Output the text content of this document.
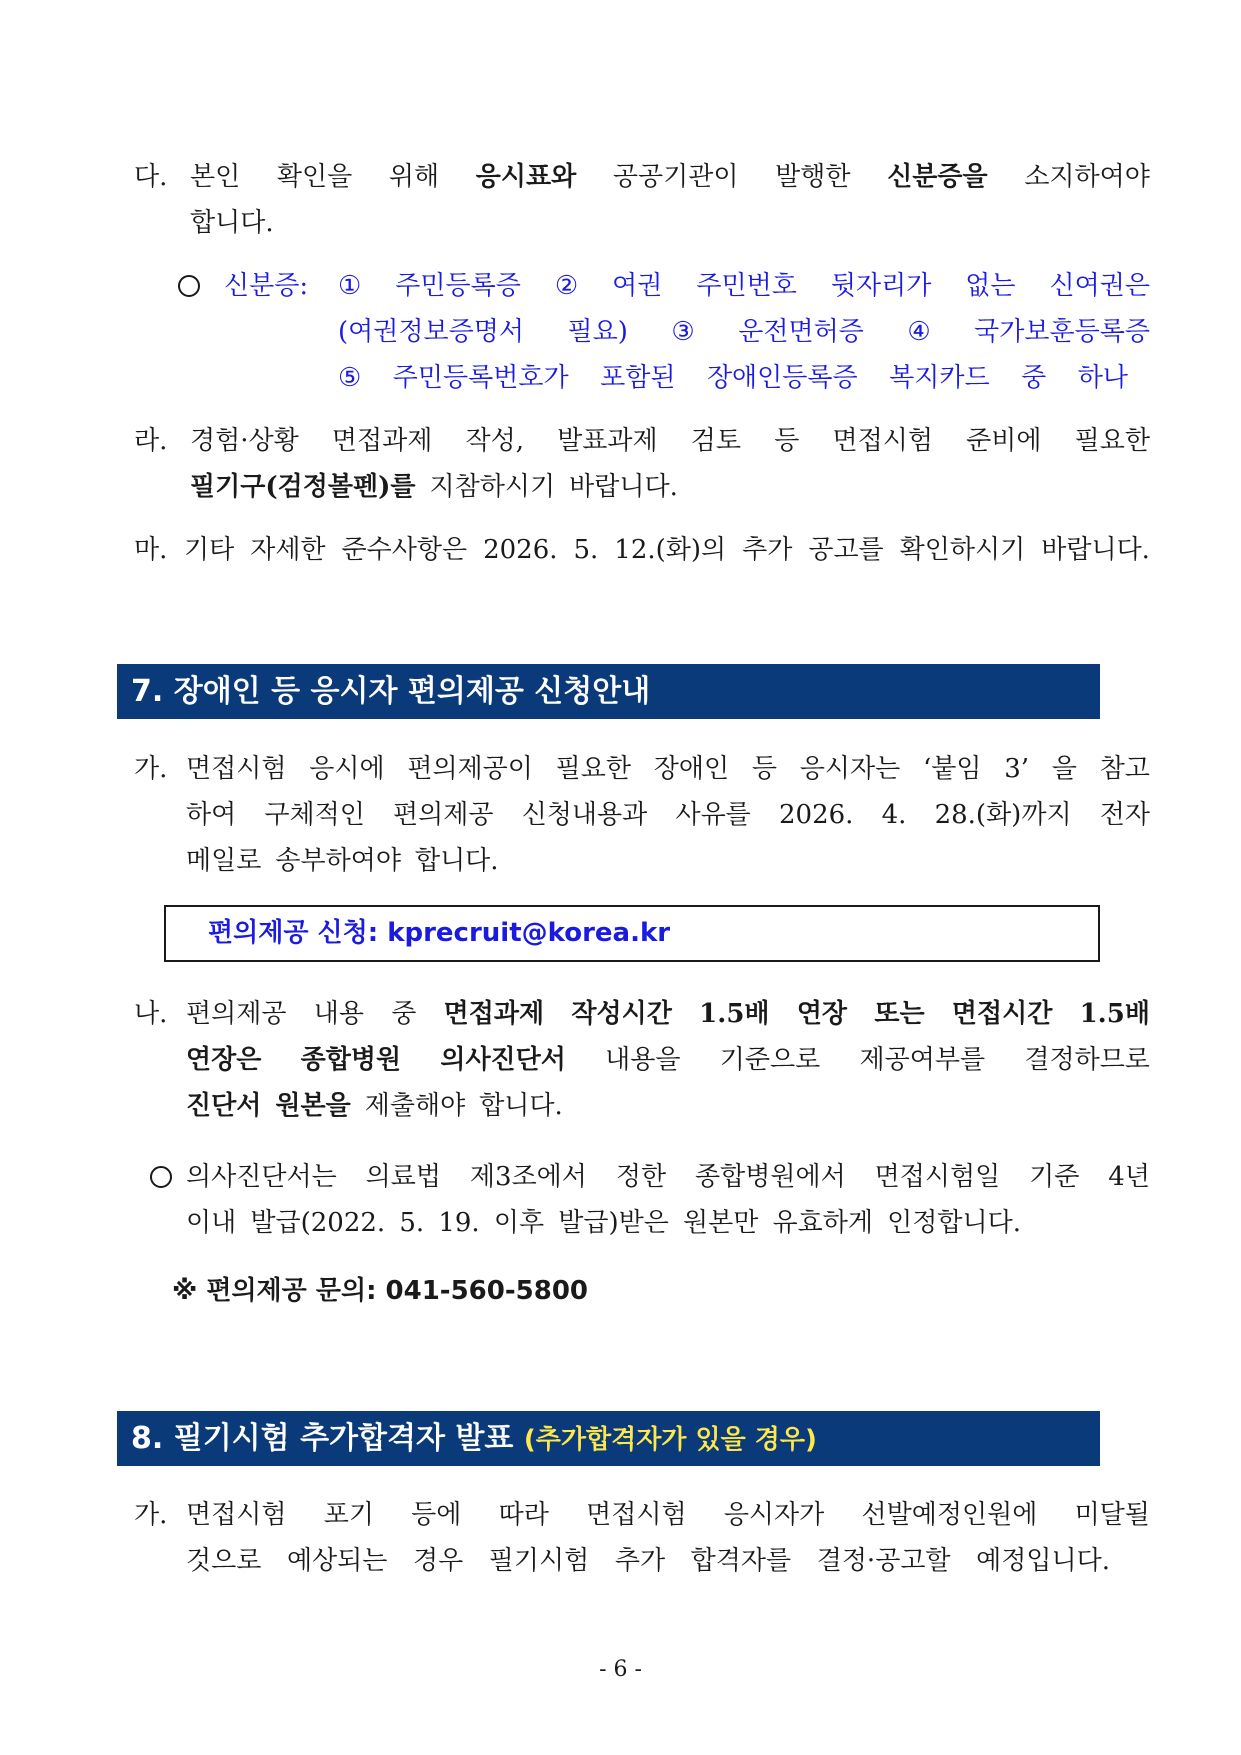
다. 본인 확인을 위해 응시표와 공공기관이 발행한 신분증을 소지하여야
합니다.
신분증: ① 주민등록증 ② 여권 주민번호 뒷자리가 없는 신여권은
(여권정보증명서 필요) ③ 운전면허증 ④ 국가보훈등록증
⑤ 주민등록번호가 포함된 장애인등록증 복지카드 중 하나
라. 경험·상황 면접과제 작성, 발표과제 검토 등 면접시험 준비에 필요한
필기구(검정볼펜)를 지참하시기 바랍니다.
마. 기타 자세한 준수사항은 2026. 5. 12.(화)의 추가 공고를 확인하시기 바랍니다.
7. 장애인 등 응시자 편의제공 신청안내
가. 면접시험 응시에 편의제공이 필요한 장애인 등 응시자는 ‘붙임 3’ 을 참고
하여 구체적인 편의제공 신청내용과 사유를 2026. 4. 28.(화)까지 전자
메일로 송부하여야 합니다.
편의제공 신청: kprecruit@korea.kr
나. 편의제공 내용 중 면접과제 작성시간 1.5배 연장 또는 면접시간 1.5배
연장은 종합병원 의사진단서 내용을 기준으로 제공여부를 결정하므로
진단서 원본을 제출해야 합니다.
의사진단서는 의료법 제3조에서 정한 종합병원에서 면접시험일 기준 4년
이내 발급(2022. 5. 19. 이후 발급)받은 원본만 유효하게 인정합니다.
※ 편의제공 문의: 041-560-5800
8. 필기시험 추가합격자 발표 (추가합격자가 있을 경우)
가. 면접시험 포기 등에 따라 면접시험 응시자가 선발예정인원에 미달될
것으로 예상되는 경우 필기시험 추가 합격자를 결정·공고할 예정입니다.
- 6 -
